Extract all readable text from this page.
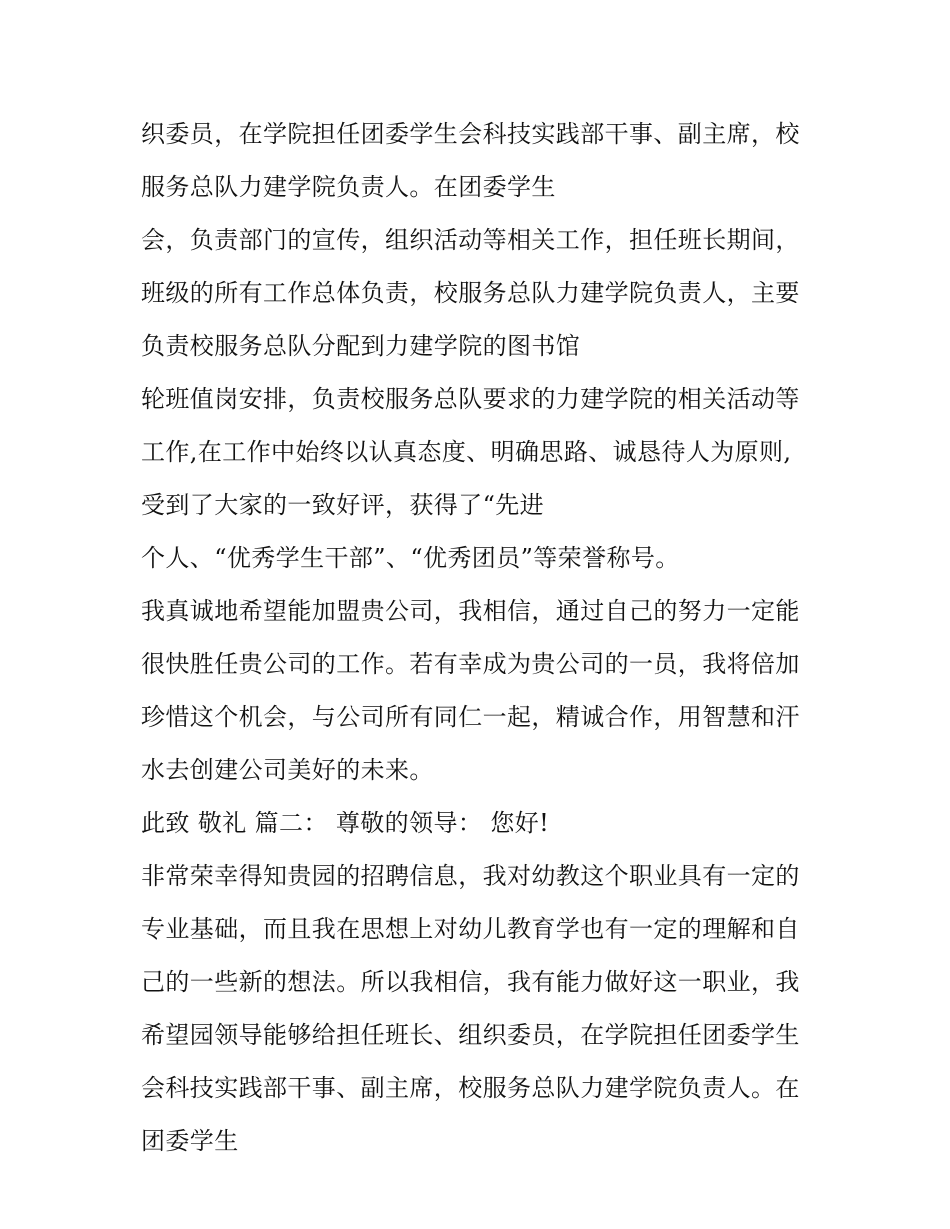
织委员，在学院担任团委学生会科技实践部干事、副主席，校
服务总队力建学院负责人。在团委学生
会，负责部门的宣传，组织活动等相关工作，担任班长期间，
班级的所有工作总体负责，校服务总队力建学院负责人，主要
负责校服务总队分配到力建学院的图书馆
轮班值岗安排，负责校服务总队要求的力建学院的相关活动等
工作,在工作中始终以认真态度、明确思路、诚恳待人为原则,
受到了大家的一致好评，获得了“先进
个人、“优秀学生干部”、“优秀团员”等荣誉称号。
我真诚地希望能加盟贵公司，我相信，通过自己的努力一定能
很快胜任贵公司的工作。若有幸成为贵公司的一员，我将倍加
珍惜这个机会，与公司所有同仁一起，精诚合作，用智慧和汗
水去创建公司美好的未来。
此致 敬礼 篇二： 尊敬的领导： 您好!
非常荣幸得知贵园的招聘信息，我对幼教这个职业具有一定的
专业基础，而且我在思想上对幼儿教育学也有一定的理解和自
己的一些新的想法。所以我相信，我有能力做好这一职业，我
希望园领导能够给担任班长、组织委员，在学院担任团委学生
会科技实践部干事、副主席，校服务总队力建学院负责人。在
团委学生
